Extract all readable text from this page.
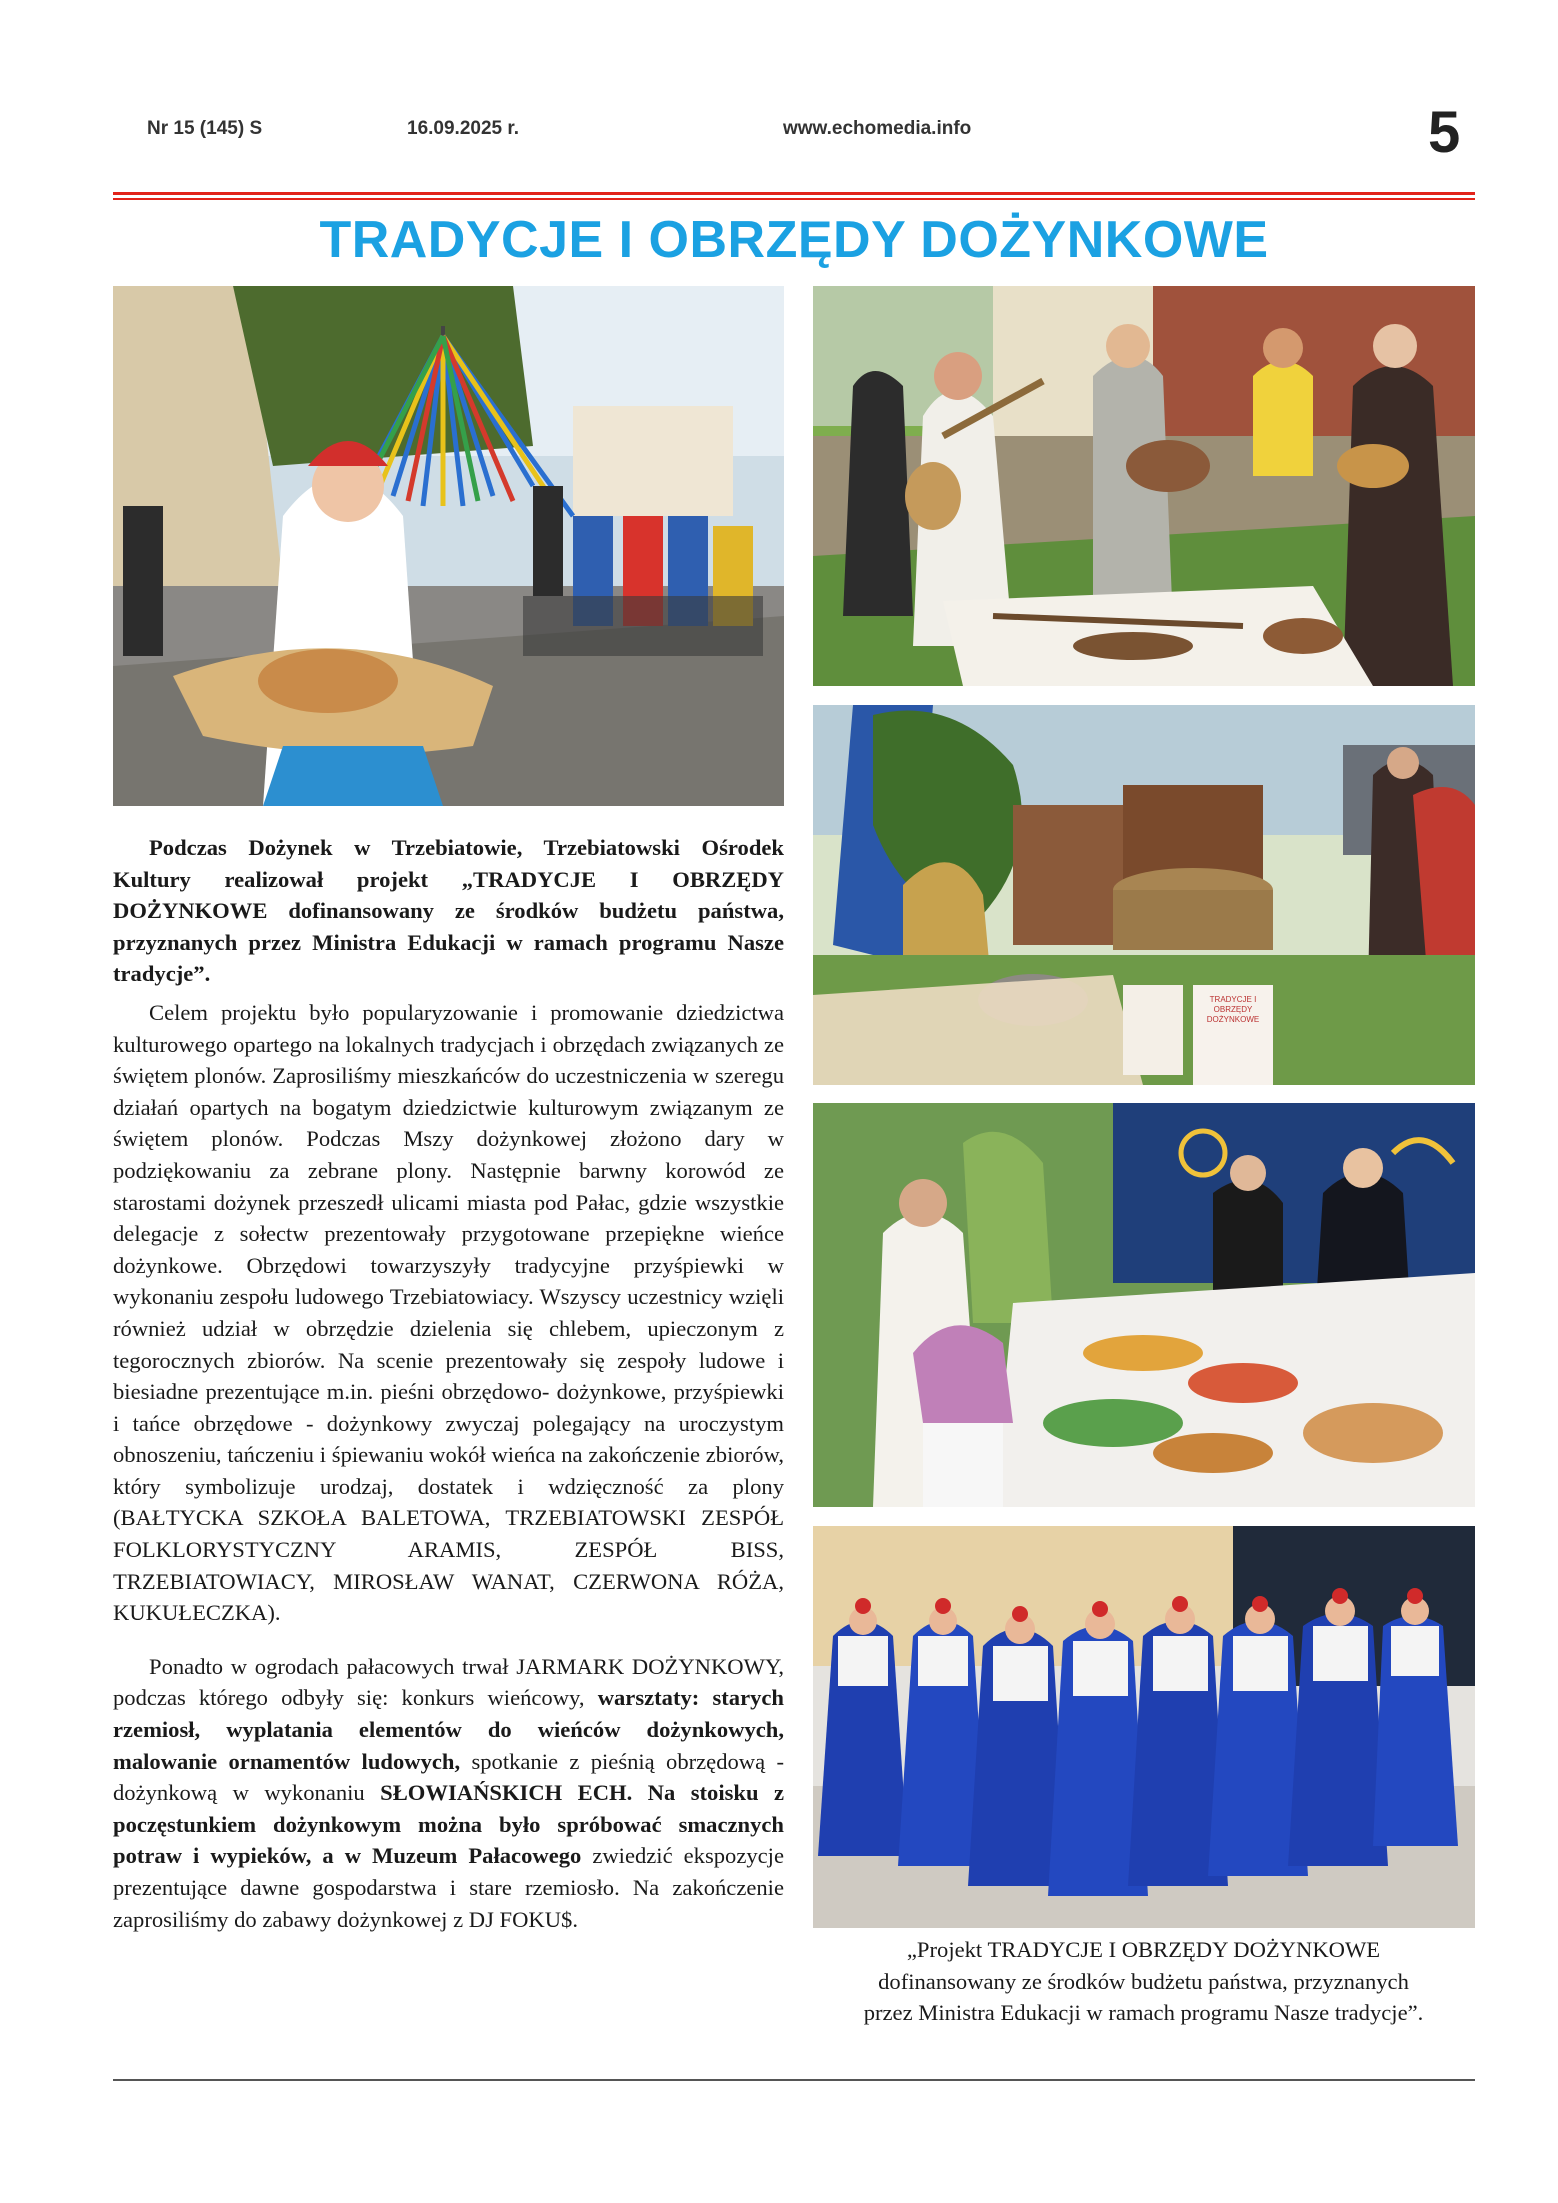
Nr 15 (145) S	16.09.2025 r.	www.echomedia.info	5
TRADYCJE I OBRZĘDY DOŻYNKOWE
TRADYCJE I OBRZĘDY DOŻYNKOWE

Podczas Dożynek w Trzebiatowie, Trzebiatowski Ośrodek Kultury realizował projekt „TRADYCJE I OBRZĘDY DOŻYNKOWE dofinansowany ze środków budżetu państwa, przyznanych przez Ministra Edukacji w ramach programu Nasze tradycje”.

Celem projektu było popularyzowanie i promowanie dziedzictwa kulturowego opartego na lokalnych tradycjach i obrzędach związanych ze świętem plonów. Zaprosiliśmy mieszkańców do uczestniczenia w szeregu działań opartych na bogatym dziedzictwie kulturowym związanym ze świętem plonów. Podczas Mszy dożynkowej złożono dary w podziękowaniu za zebrane plony. Następnie barwny korowód ze starostami dożynek przeszedł ulicami miasta pod Pałac, gdzie wszystkie delegacje z sołectw prezentowały przygotowane przepiękne wieńce dożynkowe. Obrzędowi towarzyszyły tradycyjne przyśpiewki w wykonaniu zespołu ludowego Trzebiatowiacy. Wszyscy uczestnicy wzięli również udział w obrzędzie dzielenia się chlebem, upieczonym z tegorocznych zbiorów. Na scenie prezentowały się zespoły ludowe i biesiadne prezentujące m.in. pieśni obrzędowo- dożynkowe, przyśpiewki i tańce obrzędowe - dożynkowy zwyczaj polegający na uroczystym obnoszeniu, tańczeniu i śpiewaniu wokół wieńca na zakończenie zbiorów, który symbolizuje urodzaj, dostatek i wdzięczność za plony (BAŁTYCKA SZKOŁA BALETOWA, TRZEBIATOWSKI ZESPÓŁ FOLKLORYSTYCZNY ARAMIS, ZESPÓŁ BISS, TRZEBIATOWIACY, MIROSŁAW WANAT, CZERWONA RÓŻA, KUKUŁECZKA).

Ponadto w ogrodach pałacowych trwał JARMARK DOŻYNKOWY, podczas którego odbyły się: konkurs wieńcowy, warsztaty: starych rzemiosł, wyplatania elementów do wieńców dożynkowych, malowanie ornamentów ludowych, spotkanie z pieśnią obrzędową - dożynkową w wykonaniu SŁOWIAŃSKICH ECH. Na stoisku z poczęstunkiem dożynkowym można było spróbować smacznych potraw i wypieków, a w Muzeum Pałacowego zwiedzić ekspozycje prezentujące dawne gospodarstwa i stare rzemiosło. Na zakończenie zaprosiliśmy do zabawy dożynkowej z DJ FOKU$.

„Projekt TRADYCJE I OBRZĘDY DOŻYNKOWE
dofinansowany ze środków budżetu państwa, przyznanych
przez Ministra Edukacji w ramach programu Nasze tradycje”.
